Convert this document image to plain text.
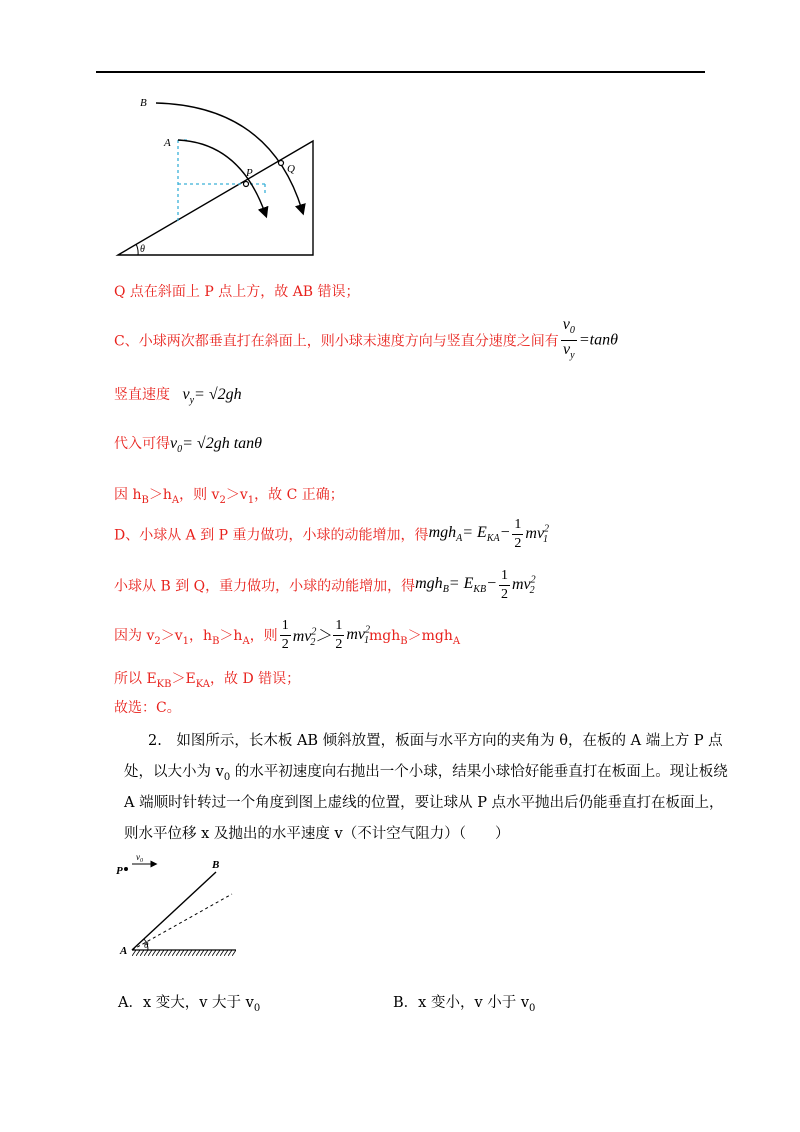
B
A
P	Q
θ
Q 点在斜面上 P 点上方，故 AB 错误；
C、小球两次都垂直打在斜面上，则小球末速度方向与竖直分速度之间有 $\frac{v_0}{v_y} =\tan\theta$
竖直速度 $v_y= √2gh$
代入可得$v_0= √2gh$ tanθ
因 $h_B>h_A$，则 $v_2>v_1$，故 C 正确；
D、小球从 A 到 P 重力做功，小球的动能增加，得$mgh_A= E_{KA}- \frac{1}{2} mv^2_1$
小球从 B 到 Q，重力做功，小球的动能增加，得$mgh_B= E_{KB}- \frac{1}{2} mv^2_2$
因为 $v_2>v_1$，$h_B>h_A$，则 $\frac{1}{2} mv^2_2> \frac{1}{2} mv^2_1mgh_B>mgh_A$
所以 $E_{KB}>E_{KA}$，故 D 错误；
故选：C。
2.　如图所示，长木板 AB 倾斜放置，板面与水平方向的夹角为 θ，在板的 A 端上方 P 点
处，以大小为 $v_0$ 的水平初速度向右抛出一个小球，结果小球恰好能垂直打在板面上。现让板绕
A 端顺时针转过一个角度到图上虚线的位置，要让球从 P 点水平抛出后仍能垂直打在板面上，
则水平位移 x 及抛出的水平速度 v（不计空气阻力）（　　）
P
$v_0$	B
A θ
A．x 变大，v 大于 $v_0$	B．x 变小，v 小于 $v_0$
